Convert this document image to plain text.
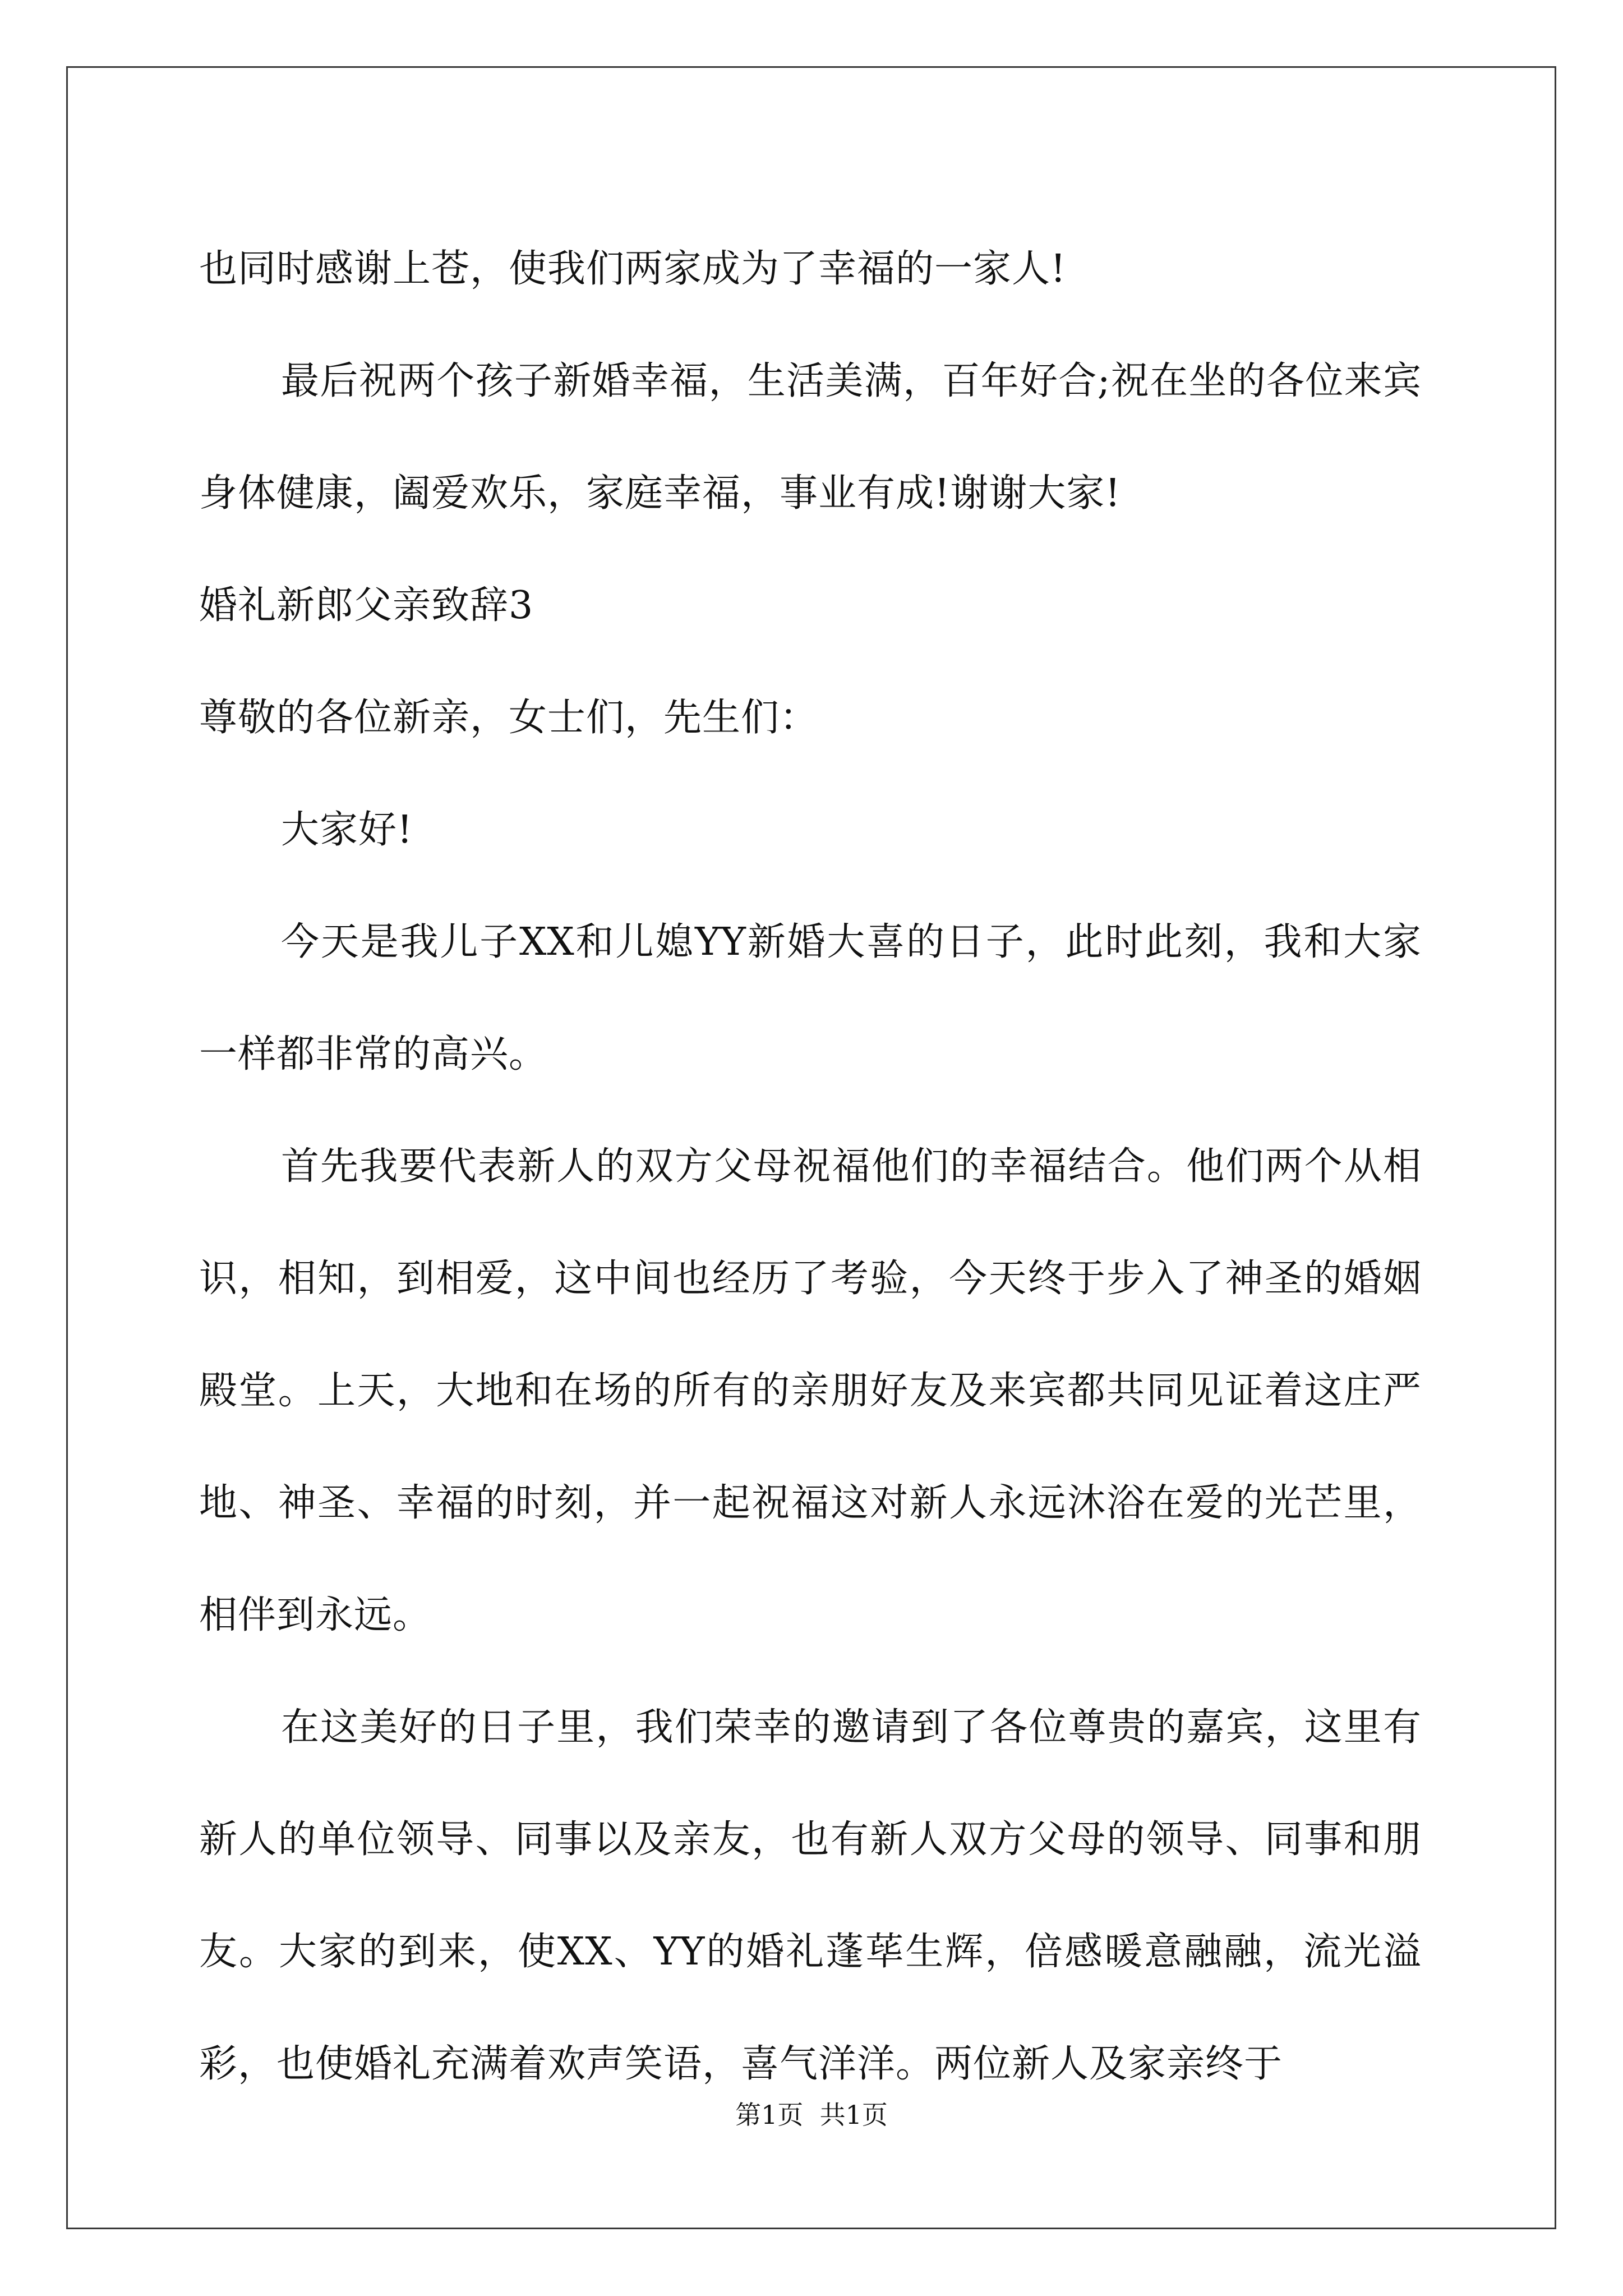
也同时感谢上苍，使我们两家成为了幸福的一家人!

最后祝两个孩子新婚幸福，生活美满，百年好合;祝在坐的各位来宾身体健康，阖爱欢乐，家庭幸福，事业有成!谢谢大家!

婚礼新郎父亲致辞3

尊敬的各位新亲，女士们，先生们：

大家好!

今天是我儿子XX和儿媳YY新婚大喜的日子，此时此刻，我和大家一样都非常的高兴。

首先我要代表新人的双方父母祝福他们的幸福结合。他们两个从相识，相知，到相爱，这中间也经历了考验，今天终于步入了神圣的婚姻殿堂。上天，大地和在场的所有的亲朋好友及来宾都共同见证着这庄严地、神圣、幸福的时刻，并一起祝福这对新人永远沐浴在爱的光芒里，相伴到永远。

在这美好的日子里，我们荣幸的邀请到了各位尊贵的嘉宾，这里有新人的单位领导、同事以及亲友，也有新人双方父母的领导、同事和朋友。大家的到来，使XX、YY的婚礼蓬荜生辉，倍感暖意融融，流光溢彩，也使婚礼充满着欢声笑语，喜气洋洋。两位新人及家亲终于

第1页  共1页
